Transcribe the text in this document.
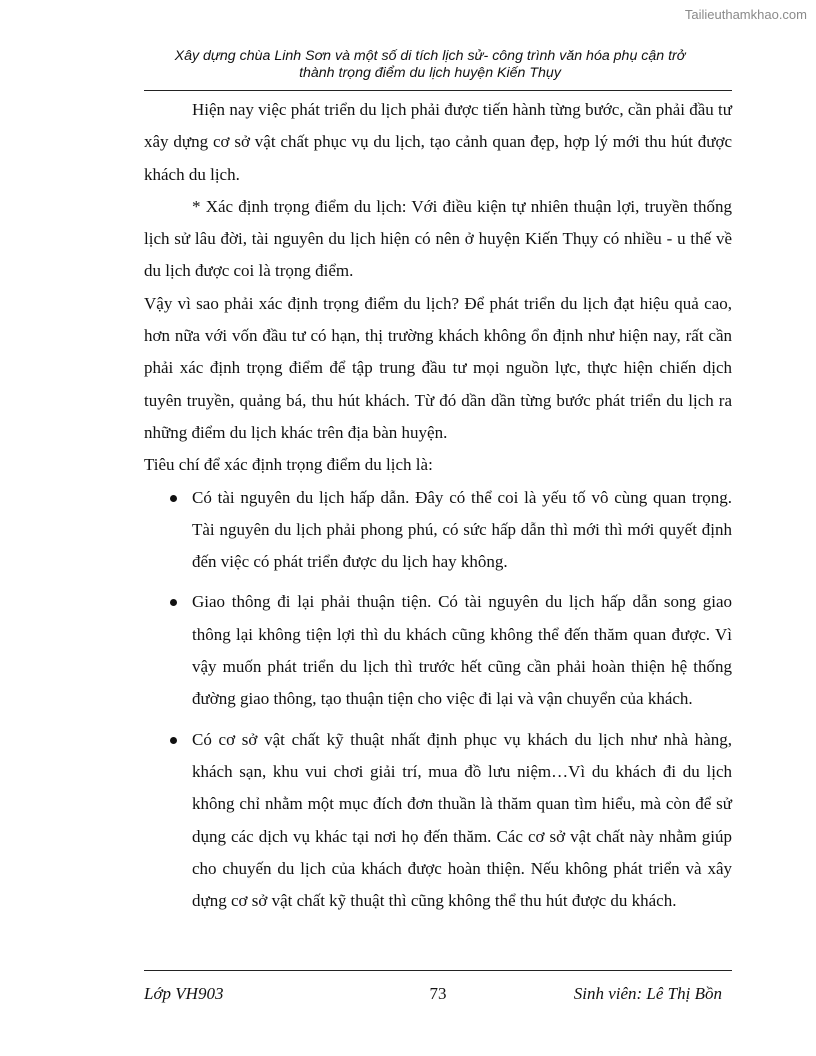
Tailieuthamkhao.com
Xây dựng chùa Linh Sơn và một số di tích lịch sử- công trình văn hóa phụ cận trở
thành trọng điểm du lịch huyện Kiến Thụy

Hiện nay việc phát triển du lịch phải được tiến hành từng bước, cần phải đầu tư xây dựng cơ sở vật chất phục vụ du lịch, tạo cảnh quan đẹp, hợp lý mới thu hút được khách du lịch.

* Xác định trọng điểm du lịch: Với điều kiện tự nhiên thuận lợi, truyền thống lịch sử lâu đời, tài nguyên du lịch hiện có nên ở huyện Kiến Thụy có nhiều - u thế về du lịch được coi là trọng điểm.

Vậy vì sao phải xác định trọng điểm du lịch? Để phát triển du lịch đạt hiệu quả cao, hơn nữa với vốn đầu tư có hạn, thị trường khách không ổn định như hiện nay, rất cần phải xác định trọng điểm để tập trung đầu tư mọi nguồn lực, thực hiện chiến dịch tuyên truyền, quảng bá, thu hút khách. Từ đó dần dần từng bước phát triển du lịch ra những điểm du lịch khác trên địa bàn huyện.

Tiêu chí để xác định trọng điểm du lịch là:

Có tài nguyên du lịch hấp dẫn. Đây có thể coi là yếu tố vô cùng quan trọng. Tài nguyên du lịch phải phong phú, có sức hấp dẫn thì mới thì mới quyết định đến việc có phát triển được du lịch hay không.
Giao thông đi lại phải thuận tiện. Có tài nguyên du lịch hấp dẫn song giao thông lại không tiện lợi thì du khách cũng không thể đến thăm quan được. Vì vậy muốn phát triển du lịch thì trước hết cũng cần phải hoàn thiện hệ thống đường giao thông, tạo thuận tiện cho việc đi lại và vận chuyển của khách.
Có cơ sở vật chất kỹ thuật nhất định phục vụ khách du lịch như nhà hàng, khách sạn, khu vui chơi giải trí, mua đồ lưu niệm…Vì du khách đi du lịch không chỉ nhằm một mục đích đơn thuần là thăm quan tìm hiểu, mà còn để sử dụng các dịch vụ khác tại nơi họ đến thăm. Các cơ sở vật chất này nhằm giúp cho chuyến du lịch của khách được hoàn thiện. Nếu không phát triển và xây dựng cơ sở vật chất kỹ thuật thì cũng không thể thu hút được du khách.
Lớp VH903	73	Sinh viên: Lê Thị Bồn
